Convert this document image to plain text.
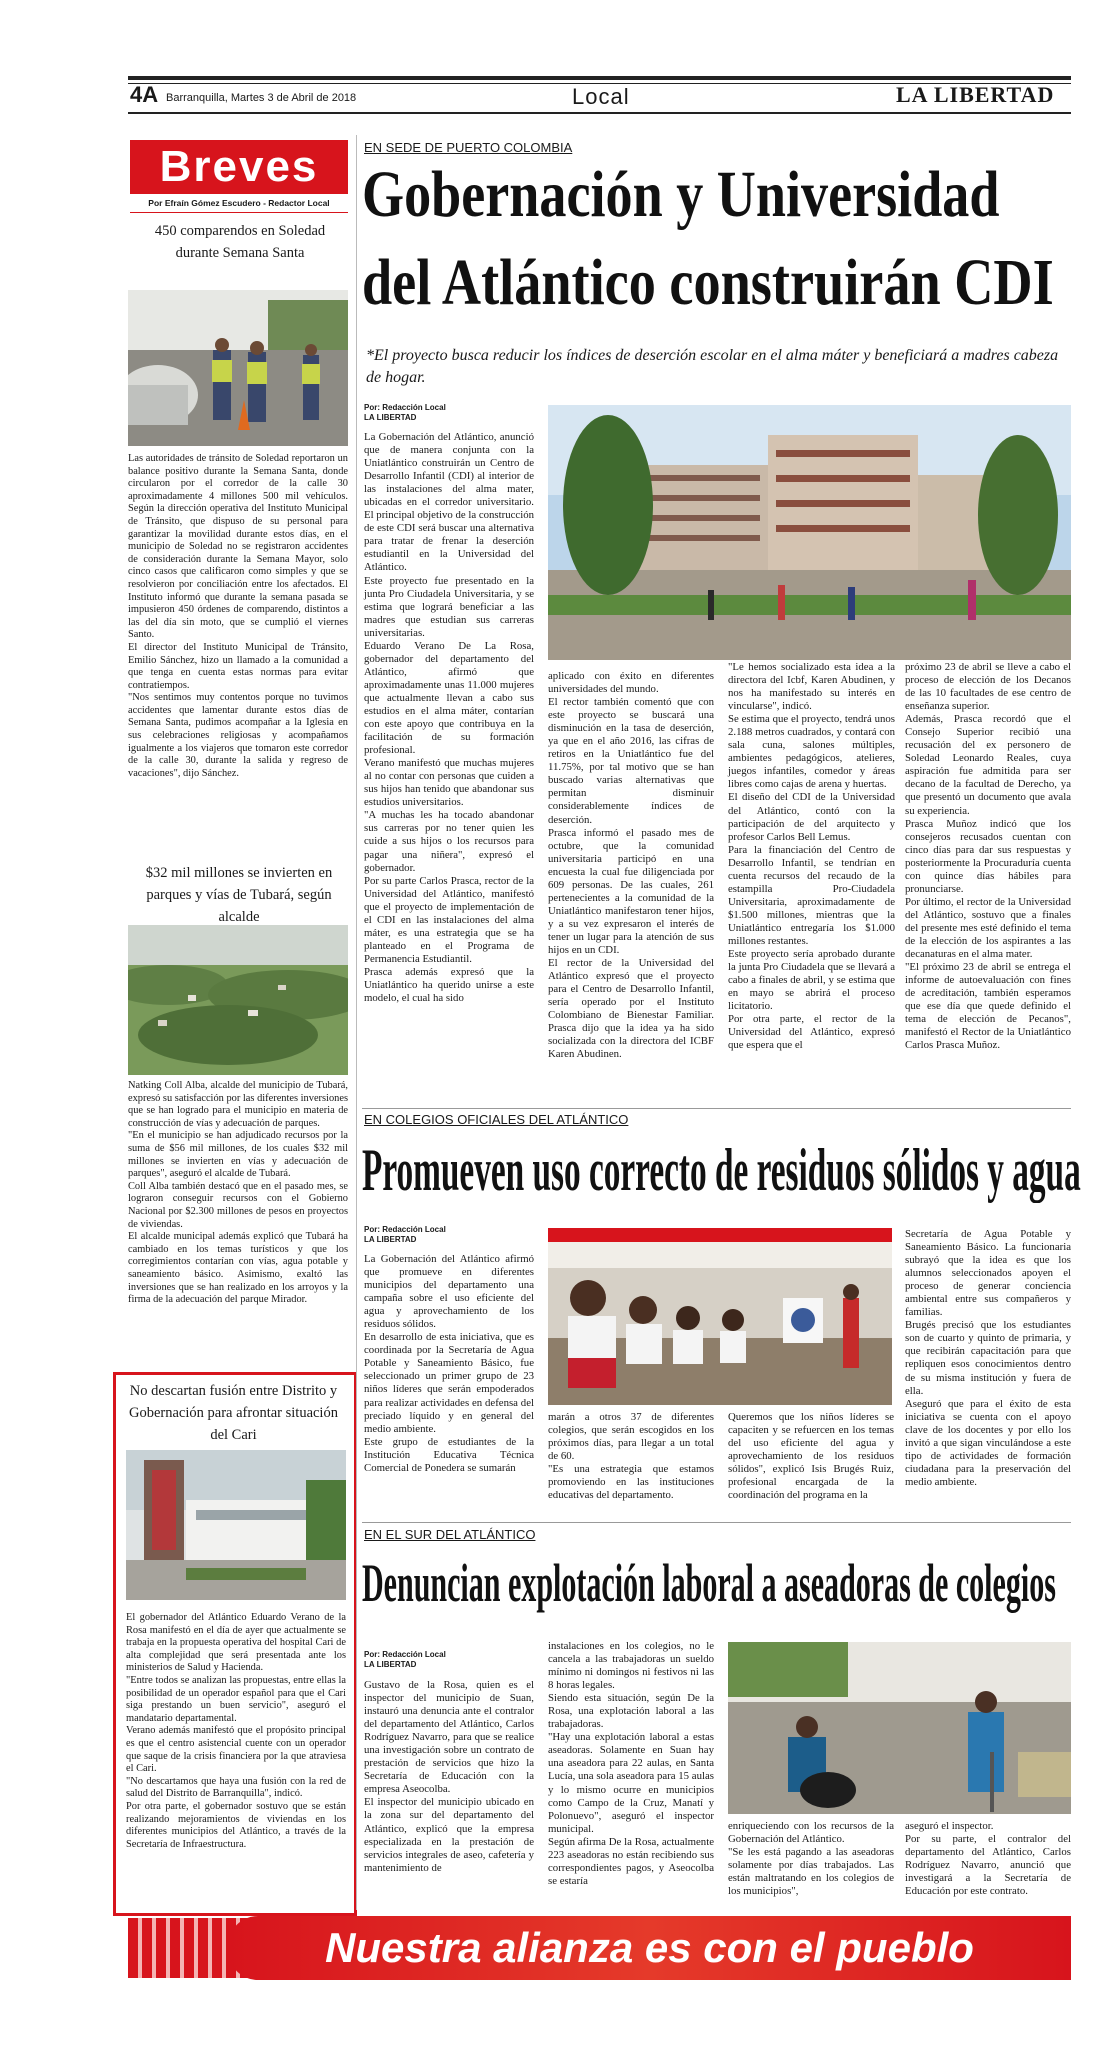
4A Barranquilla, Martes 3 de Abril de 2018	Local	LA LIBERTAD
Breves
Por Efraín Gómez Escudero - Redactor Local
450 comparendos en Soledad durante Semana Santa

Las autoridades de tránsito de Soledad reportaron un balance positivo durante la Semana Santa, donde circularon por el corredor de la calle 30 aproximadamente 4 millones 500 mil vehículos. Según la dirección operativa del Instituto Municipal de Tránsito, que dispuso de su personal para garantizar la movilidad durante estos días, en el municipio de Soledad no se registraron accidentes de consideración durante la Semana Mayor, solo cinco casos que calificaron como simples y que se resolvieron por conciliación entre los afectados. El Instituto informó que durante la semana pasada se impusieron 450 órdenes de comparendo, distintos a las del día sin moto, que se cumplió el viernes Santo.

El director del Instituto Municipal de Tránsito, Emilio Sánchez, hizo un llamado a la comunidad a que tenga en cuenta estas normas para evitar contratiempos.

"Nos sentimos muy contentos porque no tuvimos accidentes que lamentar durante estos días de Semana Santa, pudimos acompañar a la Iglesia en sus celebraciones religiosas y acompañamos igualmente a los viajeros que tomaron este corredor de la calle 30, durante la salida y regreso de vacaciones", dijo Sánchez.

$32 mil millones se invierten en parques y vías de Tubará, según alcalde

Natking Coll Alba, alcalde del municipio de Tubará, expresó su satisfacción por las diferentes inversiones que se han logrado para el municipio en materia de construcción de vías y adecuación de parques.

"En el municipio se han adjudicado recursos por la suma de $56 mil millones, de los cuales $32 mil millones se invierten en vías y adecuación de parques", aseguró el alcalde de Tubará.

Coll Alba también destacó que en el pasado mes, se lograron conseguir recursos con el Gobierno Nacional por $2.300 millones de pesos en proyectos de viviendas.

El alcalde municipal además explicó que Tubará ha cambiado en los temas turísticos y que los corregimientos contarían con vías, agua potable y saneamiento básico. Asimismo, exaltó las inversiones que se han realizado en los arroyos y la firma de la adecuación del parque Mirador.

No descartan fusión entre Distrito y Gobernación para afrontar situación del Cari

El gobernador del Atlántico Eduardo Verano de la Rosa manifestó en el día de ayer que actualmente se trabaja en la propuesta operativa del hospital Cari de alta complejidad que será presentada ante los ministerios de Salud y Hacienda.

"Entre todos se analizan las propuestas, entre ellas la posibilidad de un operador español para que el Cari siga prestando un buen servicio", aseguró el mandatario departamental.

Verano además manifestó que el propósito principal es que el centro asistencial cuente con un operador que saque de la crisis financiera por la que atraviesa el Cari.

"No descartamos que haya una fusión con la red de salud del Distrito de Barranquilla", indicó.

Por otra parte, el gobernador sostuvo que se están realizando mejoramientos de viviendas en los diferentes municipios del Atlántico, a través de la Secretaría de Infraestructura.

EN SEDE DE PUERTO COLOMBIA
Gobernación y Universidad
del Atlántico construirán CDI
*El proyecto busca reducir los índices de deserción escolar en el alma máter y beneficiará a madres cabeza de hogar.
Por: Redacción Local
LA LIBERTAD
La Gobernación del Atlántico, anunció que de manera conjunta con la Uniatlántico construirán un Centro de Desarrollo Infantil (CDI) al interior de las instalaciones del alma mater, ubicadas en el corredor universitario. El principal objetivo de la construcción de este CDI será buscar una alternativa para tratar de frenar la deserción estudiantil en la Universidad del Atlántico.
Este proyecto fue presentado en la junta Pro Ciudadela Universitaria, y se estima que logrará beneficiar a las madres que estudian sus carreras universitarias.
Eduardo Verano De La Rosa, gobernador del departamento del Atlántico, afirmó que aproximadamente unas 11.000 mujeres que actualmente llevan a cabo sus estudios en el alma máter, contarían con este apoyo que contribuya en la facilitación de su formación profesional.
Verano manifestó que muchas mujeres al no contar con personas que cuiden a sus hijos han tenido que abandonar sus estudios universitarios.
"A muchas les ha tocado abandonar sus carreras por no tener quien les cuide a sus hijos o los recursos para pagar una niñera", expresó el gobernador.
Por su parte Carlos Prasca, rector de la Universidad del Atlántico, manifestó que el proyecto de implementación de el CDI en las instalaciones del alma máter, es una estrategia que se ha planteado en el Programa de Permanencia Estudiantil.
Prasca además expresó que la Uniatlántico ha querido unirse a este modelo, el cual ha sido
aplicado con éxito en diferentes universidades del mundo.
El rector también comentó que con este proyecto se buscará una disminución en la tasa de deserción, ya que en el año 2016, las cifras de retiros en la Uniatlántico fue del 11.75%, por tal motivo que se han buscado varias alternativas que permitan disminuir considerablemente índices de deserción.
Prasca informó el pasado mes de octubre, que la comunidad universitaria participó en una encuesta la cual fue diligenciada por 609 personas. De las cuales, 261 pertenecientes a la comunidad de la Uniatlántico manifestaron tener hijos, y a su vez expresaron el interés de tener un lugar para la atención de sus hijos en un CDI.
El rector de la Universidad del Atlántico expresó que el proyecto para el Centro de Desarrollo Infantil, sería operado por el Instituto Colombiano de Bienestar Familiar. Prasca dijo que la idea ya ha sido socializada con la directora del ICBF Karen Abudinen.
"Le hemos socializado esta idea a la directora del Icbf, Karen Abudinen, y nos ha manifestado su interés en vincularse", indicó.
Se estima que el proyecto, tendrá unos 2.188 metros cuadrados, y contará con sala cuna, salones múltiples, ambientes pedagógicos, atelieres, juegos infantiles, comedor y áreas libres como cajas de arena y huertas.
El diseño del CDI de la Universidad del Atlántico, contó con la participación de del arquitecto y profesor Carlos Bell Lemus.
Para la financiación del Centro de Desarrollo Infantil, se tendrían en cuenta recursos del recaudo de la estampilla Pro-Ciudadela Universitaria, aproximadamente de $1.500 millones, mientras que la Uniatlántico entregaría los $1.000 millones restantes.
Este proyecto sería aprobado durante la junta Pro Ciudadela que se llevará a cabo a finales de abril, y se estima que en mayo se abrirá el proceso licitatorio.
Por otra parte, el rector de la Universidad del Atlántico, expresó que espera que el
próximo 23 de abril se lleve a cabo el proceso de elección de los Decanos de las 10 facultades de ese centro de enseñanza superior.
Además, Prasca recordó que el Consejo Superior recibió una recusación del ex personero de Soledad Leonardo Reales, cuya aspiración fue admitida para ser decano de la facultad de Derecho, ya que presentó un documento que avala su experiencia.
Prasca Muñoz indicó que los consejeros recusados cuentan con cinco días para dar sus respuestas y posteriormente la Procuraduría cuenta con quince días hábiles para pronunciarse.
Por último, el rector de la Universidad del Atlántico, sostuvo que a finales del presente mes esté definido el tema de la elección de los aspirantes a las decanaturas en el alma mater.
"El próximo 23 de abril se entrega el informe de autoevaluación con fines de acreditación, también esperamos que ese día que quede definido el tema de elección de Pecanos", manifestó el Rector de la Uniatlántico Carlos Prasca Muñoz.
EN COLEGIOS OFICIALES DEL ATLÁNTICO
Promueven uso correcto de residuos sólidos y agua
Por: Redacción Local
LA LIBERTAD
La Gobernación del Atlántico afirmó que promueve en diferentes municipios del departamento una campaña sobre el uso eficiente del agua y aprovechamiento de los residuos sólidos.
En desarrollo de esta iniciativa, que es coordinada por la Secretaría de Agua Potable y Saneamiento Básico, fue seleccionado un primer grupo de 23 niños líderes que serán empoderados para realizar actividades en defensa del preciado líquido y en general del medio ambiente.
Este grupo de estudiantes de la Institución Educativa Técnica Comercial de Ponedera se sumarán
marán a otros 37 de diferentes colegios, que serán escogidos en los próximos días, para llegar a un total de 60.
"Es una estrategia que estamos promoviendo en las instituciones educativas del departamento.
Queremos que los niños líderes se capaciten y se refuercen en los temas del uso eficiente del agua y aprovechamiento de los residuos sólidos", explicó Isis Brugés Ruiz, profesional encargada de la coordinación del programa en la
Secretaría de Agua Potable y Saneamiento Básico. La funcionaria subrayó que la idea es que los alumnos seleccionados apoyen el proceso de generar conciencia ambiental entre sus compañeros y familias.
Brugés precisó que los estudiantes son de cuarto y quinto de primaria, y que recibirán capacitación para que repliquen esos conocimientos dentro de su misma institución y fuera de ella.
Aseguró que para el éxito de esta iniciativa se cuenta con el apoyo clave de los docentes y por ello los invitó a que sigan vinculándose a este tipo de actividades de formación ciudadana para la preservación del medio ambiente.
EN EL SUR DEL ATLÁNTICO
Denuncian explotación laboral a aseadoras de colegios
Por: Redacción Local
LA LIBERTAD
Gustavo de la Rosa, quien es el inspector del municipio de Suan, instauró una denuncia ante el contralor del departamento del Atlántico, Carlos Rodríguez Navarro, para que se realice una investigación sobre un contrato de prestación de servicios que hizo la Secretaría de Educación con la empresa Aseocolba.
El inspector del municipio ubicado en la zona sur del departamento del Atlántico, explicó que la empresa especializada en la prestación de servicios integrales de aseo, cafetería y mantenimiento de
instalaciones en los colegios, no le cancela a las trabajadoras un sueldo mínimo ni domingos ni festivos ni las 8 horas legales.
Siendo esta situación, según De la Rosa, una explotación laboral a las trabajadoras.
"Hay una explotación laboral a estas aseadoras. Solamente en Suan hay una aseadora para 22 aulas, en Santa Lucía, una sola aseadora para 15 aulas y lo mismo ocurre en municipios como Campo de la Cruz, Manatí y Polonuevo", aseguró el inspector municipal.
Según afirma De la Rosa, actualmente 223 aseadoras no están recibiendo sus correspondientes pagos, y Aseocolba se estaría
enriqueciendo con los recursos de la Gobernación del Atlántico.
"Se les está pagando a las aseadoras solamente por días trabajados. Las están maltratando en los colegios de los municipios",
aseguró el inspector.
Por su parte, el contralor del departamento del Atlántico, Carlos Rodríguez Navarro, anunció que investigará a la Secretaría de Educación por este contrato.
Nuestra alianza es con el pueblo
